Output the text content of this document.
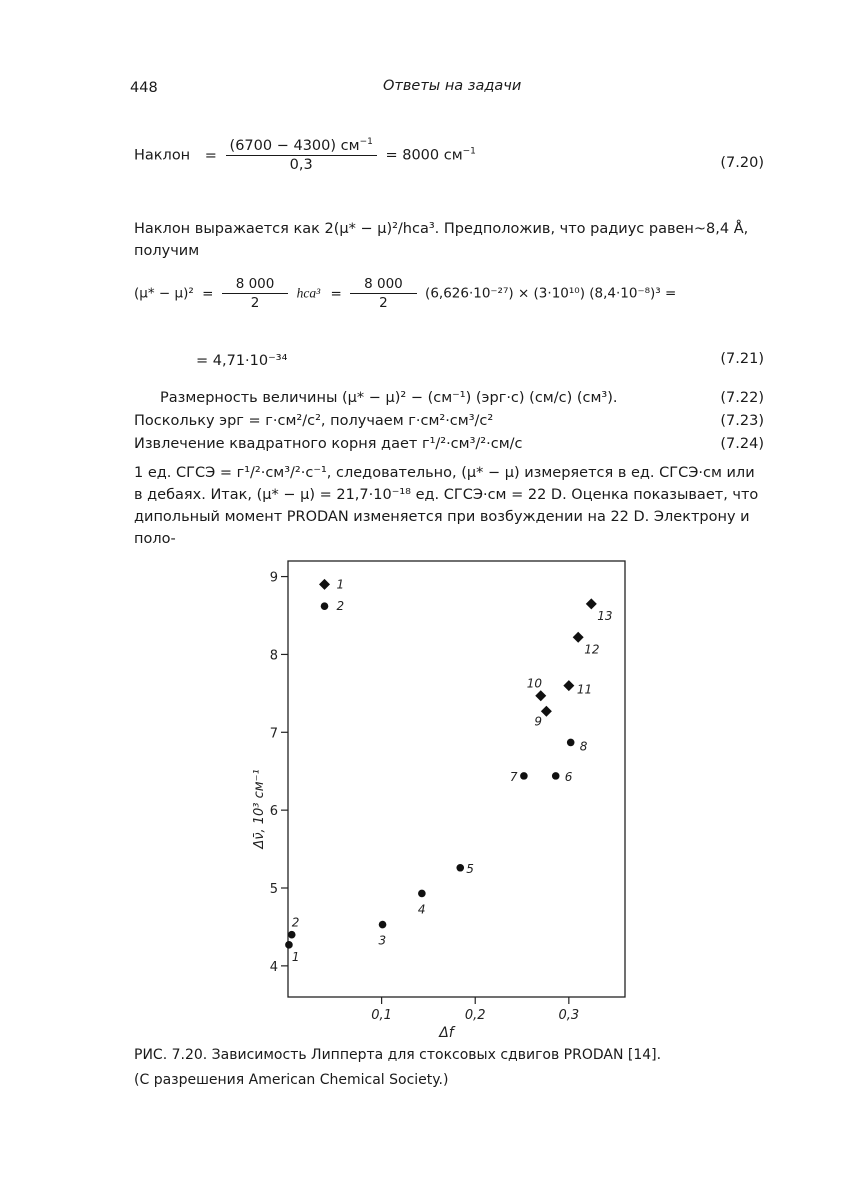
448	Ответы на задачи
Наклон = $\frac{(6700 - 4300) см^{-1}}{0,3} = 8000$ $см^{-1}$
(7.20)
Наклон выражается как 2(μ* − μ)²/hca³. Предположив, что радиус равен~8,4 Å,
получим
$(\mu* - \mu)^2 = \frac{8 000}{2} hca^3 = \frac{8 000}{2} (6,626\cdot 10^{-27}) \times (3\cdot 10^{10}) (8,4\cdot 10^{-8})^3$ =
= 4,71·10⁻³⁴	(7.21)
Размерность величины (μ* − μ)² − (см⁻¹) (эрг·с) (см/с) (см³).	(7.22)
Поскольку эрг = г·см²/с², получаем г·см²·см³/с²	(7.23)
Извлечение квадратного корня дает г¹/²·см³/²·см/с	(7.24)
1 ед. СГСЭ = г¹/²·см³/²·с⁻¹, следовательно, (μ* − μ) измеряется в ед. СГСЭ·см или
в дебаях. Итак, (μ* − μ) = 21,7·10⁻¹⁸ ед. СГСЭ·см = 22 D. Оценка показывает, что
дипольный момент PRODAN изменяется при возбуждении на 22 D. Электрону и поло-
4
5
6
7
8
9
0,1	0,2	0,3
Δf
Δν̄, 10³ см⁻¹
1
2
1
2
3
4
5
6
7
8
9
10	11
12
13
РИС. 7.20. Зависимость Липперта для стоксовых сдвигов PRODAN [14].
(С разрешения American Chemical Society.)
